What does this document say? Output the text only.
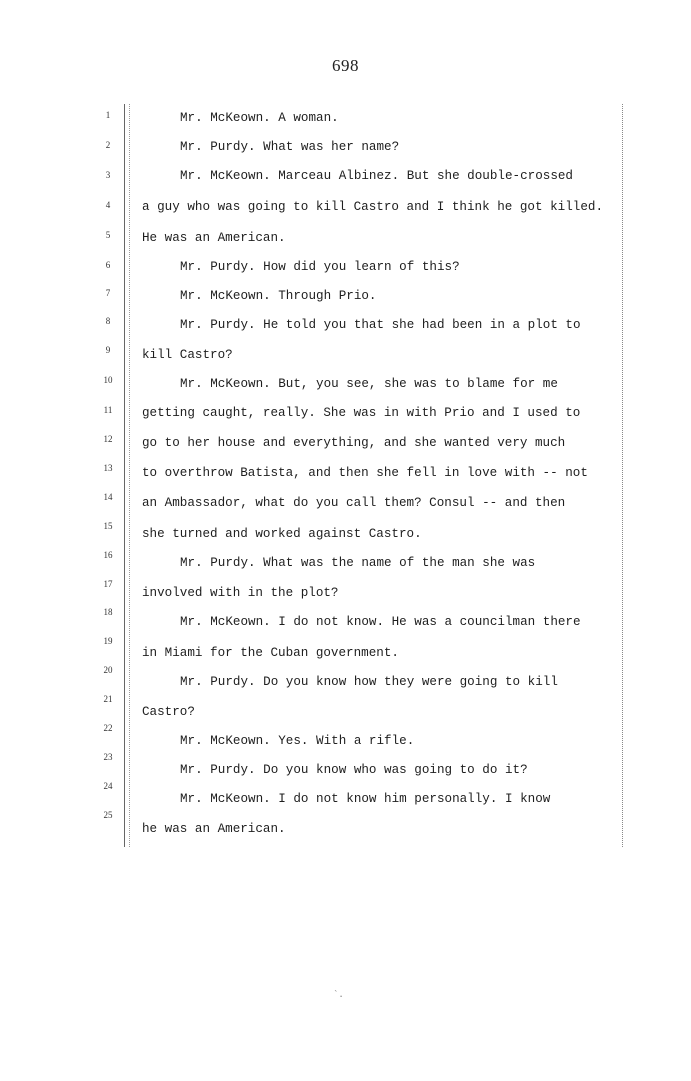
698
1
2
3
4
5
6
7
8
9
10
11
12
13
14
15
16
17
18
19
20
21
22
23
24
25
Mr. McKeown. A woman.
Mr. Purdy. What was her name?
Mr. McKeown. Marceau Albinez. But she double-crossed
a guy who was going to kill Castro and I think he got killed.
He was an American.
Mr. Purdy. How did you learn of this?
Mr. McKeown. Through Prio.
Mr. Purdy. He told you that she had been in a plot to
kill Castro?
Mr. McKeown. But, you see, she was to blame for me
getting caught, really. She was in with Prio and I used to
go to her house and everything, and she wanted very much
to overthrow Batista, and then she fell in love with -- not
an Ambassador, what do you call them? Consul -- and then
she turned and worked against Castro.
Mr. Purdy. What was the name of the man she was
involved with in the plot?
Mr. McKeown. I do not know. He was a councilman there
in Miami for the Cuban government.
Mr. Purdy. Do you know how they were going to kill
Castro?
Mr. McKeown. Yes. With a rifle.
Mr. Purdy. Do you know who was going to do it?
Mr. McKeown. I do not know him personally. I know
he was an American.
`.
